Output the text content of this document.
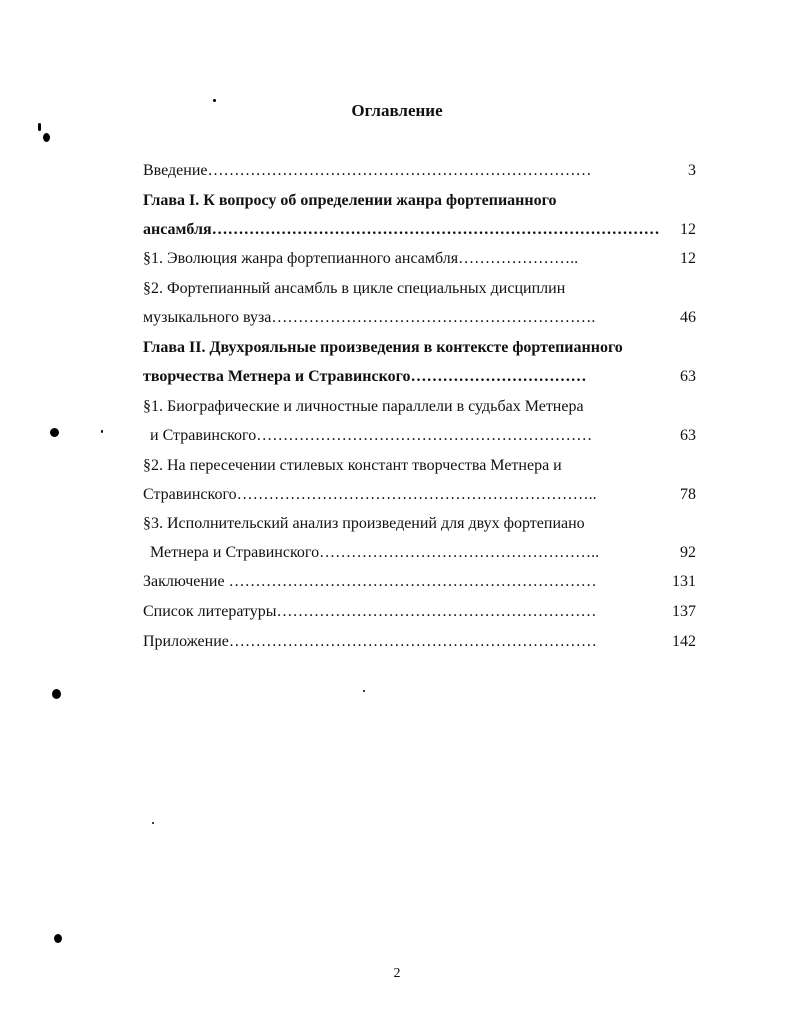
Оглавление
Введение………………………………………………………………	3
Глава I. К вопросу об определении жанра фортепианного
ансамбля…………………………………………………………………………	12
§1. Эволюция жанра фортепианного ансамбля…………………..	12
§2. Фортепианный ансамбль в цикле специальных дисциплин
музыкального вуза…………………………………………………….	46
Глава II. Двухрояльные произведения в контексте фортепианного
творчества Метнера и Стравинского……………………………	63
§1. Биографические и личностные параллели в судьбах Метнера
и Стравинского………………………………………………………	63
§2. На пересечении стилевых констант творчества Метнера и
Стравинского…………………………………………………………..	78
§3. Исполнительский анализ произведений для двух фортепиано
Метнера и Стравинского……………………………………………..	92
Заключение ……………………………………………………………	131
Список литературы……………………………………………………	137
Приложение……………………………………………………………	142
2
